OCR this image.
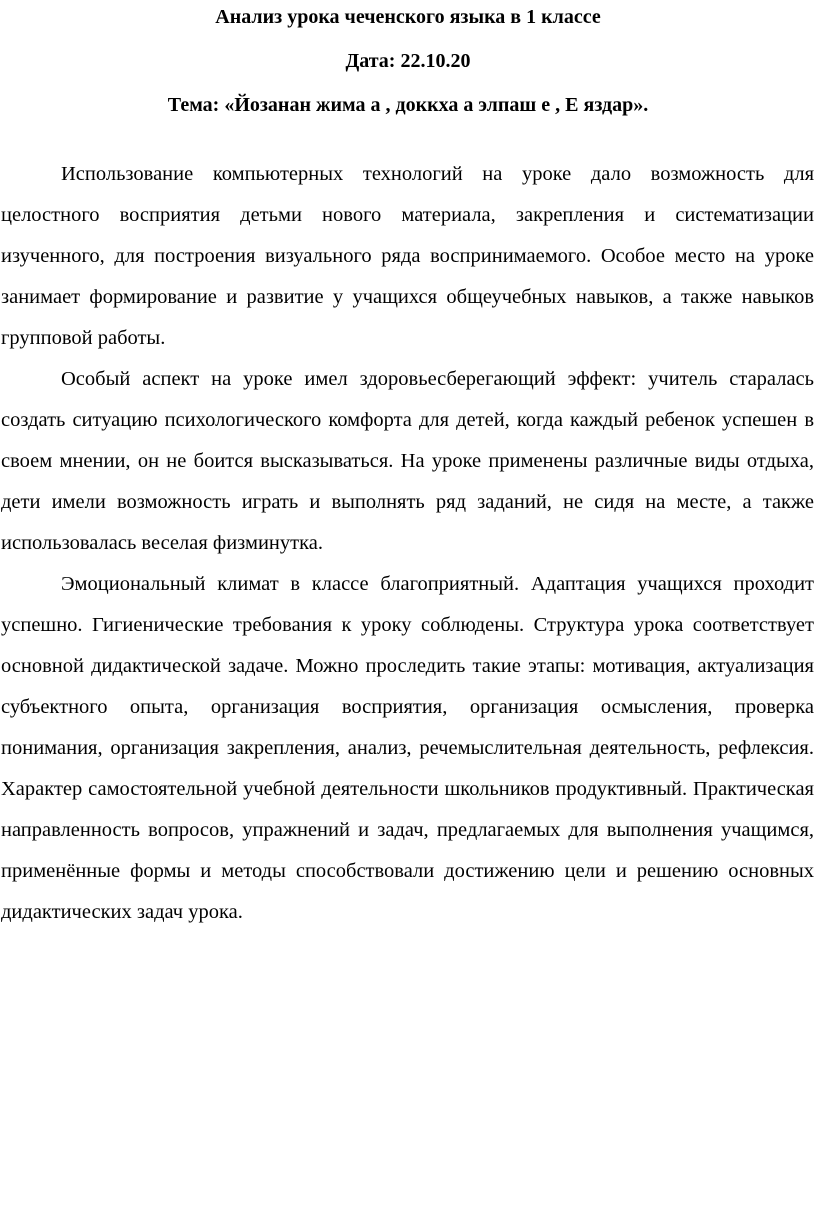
Анализ урока чеченского языка в 1 классе
Дата: 22.10.20
Тема: «Йозанан жима а , доккха а элпаш е , Е яздар».

Использование компьютерных технологий на уроке дало возможность для целостного восприятия детьми нового материала, закрепления и систематизации изученного, для построения визуального ряда воспринимаемого. Особое место на уроке занимает формирование и развитие у учащихся общеучебных навыков, а также навыков групповой работы.

Особый аспект на уроке имел здоровьесберегающий эффект: учитель старалась создать ситуацию психологического комфорта для детей, когда каждый ребенок успешен в своем мнении, он не боится высказываться. На уроке применены различные виды отдыха, дети имели возможность играть и выполнять ряд заданий, не сидя на месте, а также использовалась веселая физминутка.

Эмоциональный климат в классе благоприятный. Адаптация учащихся проходит успешно. Гигиенические требования к уроку соблюдены. Структура урока соответствует основной дидактической задаче. Можно проследить такие этапы: мотивация, актуализация субъектного опыта, организация восприятия, организация осмысления, проверка понимания, организация закрепления, анализ, речемыслительная деятельность, рефлексия. Характер самостоятельной учебной деятельности школьников продуктивный. Практическая направленность вопросов, упражнений и задач, предлагаемых для выполнения учащимся, применённые формы и методы способствовали достижению цели и решению основных дидактических задач урока.
